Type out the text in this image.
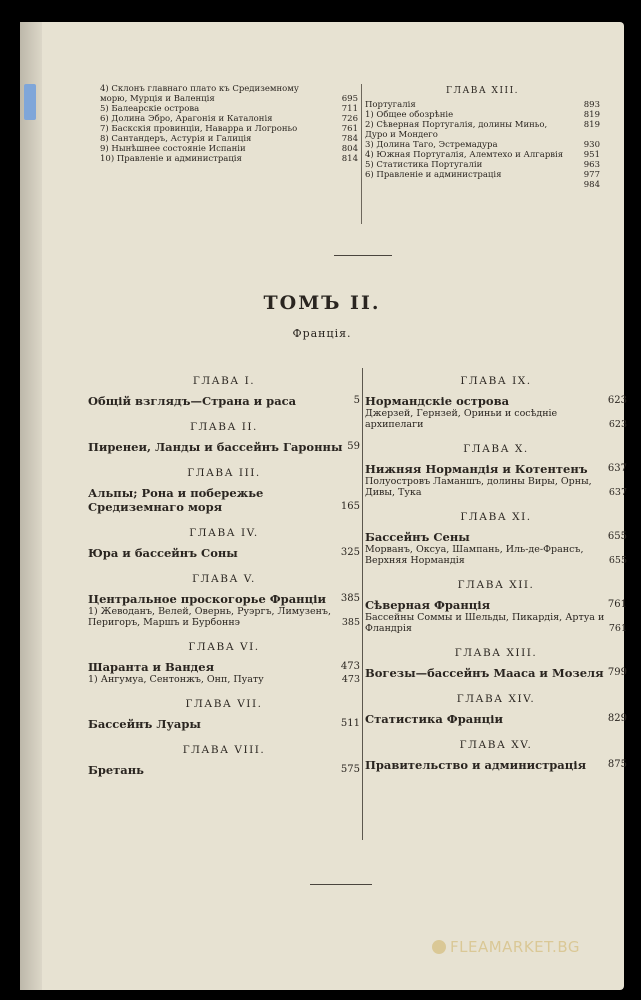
4) Склонъ главнаго плато къ Средиземному
морю, Мурція и Валенція	695
5) Балеарскіе острова	711
6) Долина Эбро, Арагонія и Каталонія	726
7) Баскскія провинціи, Наварра и Логроньо	761
8) Сантандеръ, Астурія и Галиція	784
9) Нынѣшнее состояніе Испаніи	804
10) Правленіе и администрація	814
ГЛАВА XIII.
Португалія	893
1) Общее обозрѣніе	819
2) Сѣверная Португалія, долины Миньо,	819
Дуро и Мондего
3) Долина Таго, Эстремадура	930
4) Южная Португалія, Алемтехо и Алгарвія	951
5) Статистика Португаліи	963
6) Правленіе и администрація	977
984
ТОМЪ II.
Франція.
ГЛАВА I.
Общій взглядъ—Страна и раса	5
ГЛАВА II.
Пиренеи, Ланды и бассейнъ Гаронны 59
ГЛАВА III.
Альпы; Рона и побережье Средиземнаго моря	165
ГЛАВА IV.
Юра и бассейнъ Соны	325
ГЛАВА V.
Центральное проскогорье Франціи	385
1) Жеводанъ, Велей, Овернь, Руэргъ, Лимузенъ, Перигоръ, Маршъ и Бурбоннэ	385
ГЛАВА VI.
Шаранта и Вандея	473
1) Ангумуа, Сентонжъ, Онп, Пуату	473
ГЛАВА VII.
Бассейнъ Луары	511
ГЛАВА VIII.
Бретань	575
ГЛАВА IX.
Нормандскіе острова	623
Джерзей, Гернзей, Ориньи и сосѣдніе архипелаги	623
ГЛАВА X.
Нижняя Нормандія и Котентенъ	637
Полуостровъ Ламаншъ, долины Виры, Орны, Дивы, Тука	637
ГЛАВА XI.
Бассейнъ Сены	655
Морванъ, Оксуа, Шампань, Иль-де-Франсъ, Верхняя Нормандія	655
ГЛАВА XII.
Сѣверная Франція	761
Бассейны Соммы и Шельды, Пикардія, Артуа и Фландрія	761
ГЛАВА XIII.
Вогезы—бассейнъ Мааса и Мозеля 799
ГЛАВА XIV.
Статистика Франціи	829
ГЛАВА XV.
Правительство и администрація	875
FLEAMARKET.BG
